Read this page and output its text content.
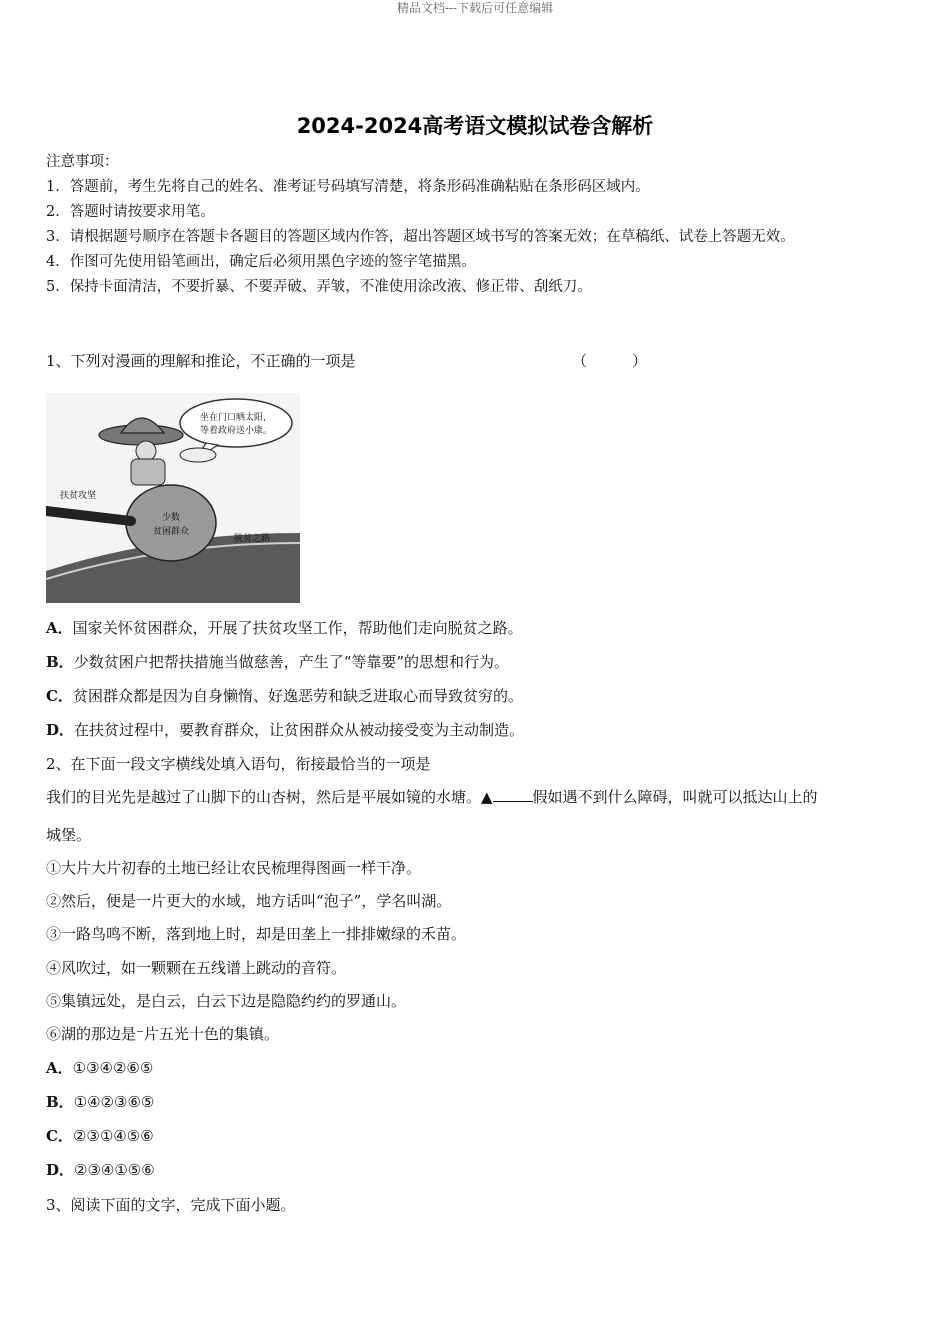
精品文档---下载后可任意编辑
2024-2024高考语文模拟试卷含解析
注意事项：
1．答题前，考生先将自己的姓名、准考证号码填写清楚，将条形码准确粘贴在条形码区域内。
2．答题时请按要求用笔。
3．请根据题号顺序在答题卡各题目的答题区域内作答，超出答题区域书写的答案无效；在草稿纸、试卷上答题无效。
4．作图可先使用铅笔画出，确定后必须用黑色字迹的签字笔描黑。
5．保持卡面清洁，不要折暴、不要弄破、弄皱，不准使用涂改液、修正带、刮纸刀。
1、下列对漫画的理解和推论，不正确的一项是	（　　　）
坐在门口晒太阳，
等着政府送小康。
少数
贫困群众
扶贫攻坚
脱贫之路
A．国家关怀贫困群众，开展了扶贫攻坚工作，帮助他们走向脱贫之路。
B．少数贫困户把帮扶措施当做慈善，产生了“等靠要”的思想和行为。
C．贫困群众都是因为自身懒惰、好逸恶劳和缺乏进取心而导致贫穷的。
D．在扶贫过程中，要教育群众，让贫困群众从被动接受变为主动制造。
2、在下面一段文字横线处填入语句，衔接最恰当的一项是
我们的目光先是越过了山脚下的山杏树，然后是平展如镜的水塘。▲	假如遇不到什么障碍，叫就可以抵达山上的
城堡。
①大片大片初春的土地已经让农民梳理得图画一样干净。
②然后，便是一片更大的水域，地方话叫“泡子”，学名叫湖。
③一路鸟鸣不断，落到地上时，却是田垄上一排排嫩绿的禾苗。
④风吹过，如一颗颗在五线谱上跳动的音符。
⑤集镇远处，是白云，白云下边是隐隐约约的罗通山。
⑥湖的那边是⁻片五光十色的集镇。
A．①③④②⑥⑤
B．①④②③⑥⑤
C．②③①④⑤⑥
D．②③④①⑤⑥
3、阅读下面的文字，完成下面小题。
